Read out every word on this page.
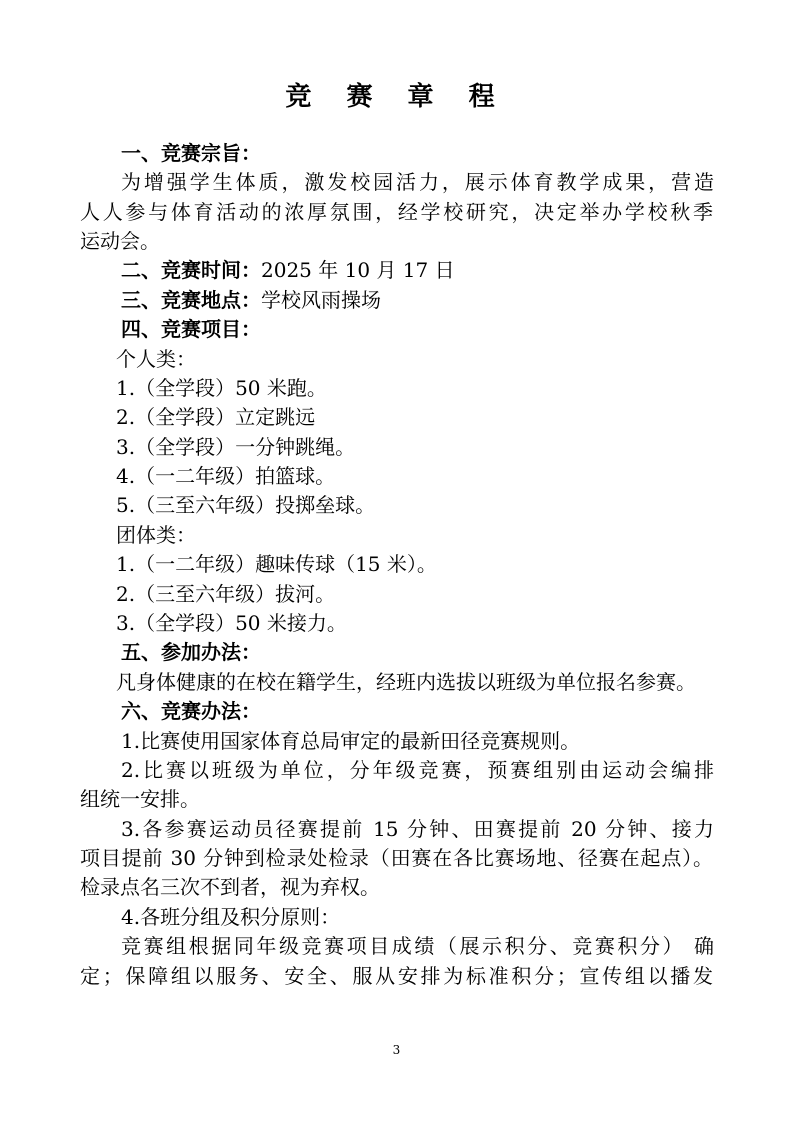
竞 赛 章 程
一、竞赛宗旨：
为增强学生体质，激发校园活力，展示体育教学成果，营造
人人参与体育活动的浓厚氛围，经学校研究，决定举办学校秋季
运动会。
二、竞赛时间：2025 年 10 月 17 日
三、竞赛地点：学校风雨操场
四、竞赛项目：
个人类：
1.（全学段）50 米跑。
2.（全学段）立定跳远
3.（全学段）一分钟跳绳。
4.（一二年级）拍篮球。
5.（三至六年级）投掷垒球。
团体类：
1.（一二年级）趣味传球（15 米）。
2.（三至六年级）拔河。
3.（全学段）50 米接力。
五、参加办法：
凡身体健康的在校在籍学生，经班内选拔以班级为单位报名参赛。
六、竞赛办法：
1.比赛使用国家体育总局审定的最新田径竞赛规则。
2.比赛以班级为单位，分年级竞赛，预赛组别由运动会编排
组统一安排。
3.各参赛运动员径赛提前 15 分钟、田赛提前 20 分钟、接力
项目提前 30 分钟到检录处检录（田赛在各比赛场地、径赛在起点）。
检录点名三次不到者，视为弃权。
4.各班分组及积分原则：
竞赛组根据同年级竞赛项目成绩（展示积分、竞赛积分） 确
定；保障组以服务、安全、服从安排为标准积分；宣传组以播发
3
